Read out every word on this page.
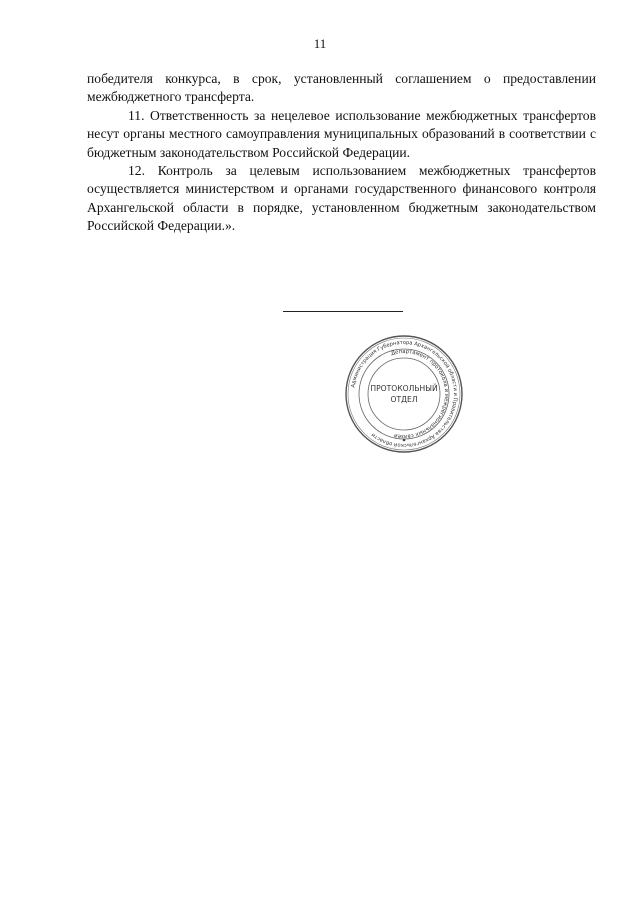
11

победителя конкурса, в срок, установленный соглашением о предоставлении межбюджетного трансферта.

11. Ответственность за нецелевое использование межбюджетных трансфертов несут органы местного самоуправления муниципальных образований в соответствии с бюджетным законодательством Российской Федерации.

12. Контроль за целевым использованием межбюджетных трансфертов осуществляется министерством и органами государственного финансового контроля Архангельской области в порядке, установленном бюджетным законодательством Российской Федерации.».

Администрация Губернатора Архангельской области и Правительства Архангельской области
Департамент протокола и межрегиональных связей
ПРОТОКОЛЬНЫЙ
ОТДЕЛ
